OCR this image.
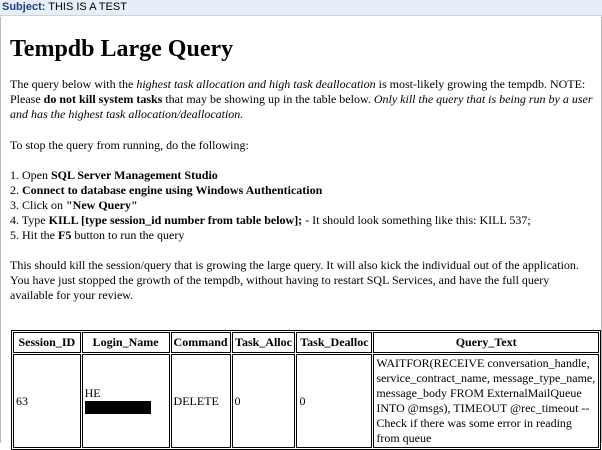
Subject: THIS IS A TEST
Tempdb Large Query

The query below with the highest task allocation and high task deallocation is most-likely growing the tempdb. NOTE: Please do not kill system tasks that may be showing up in the table below. Only kill the query that is being run by a user and has the highest task allocation/deallocation.

To stop the query from running, do the following:

1. Open SQL Server Management Studio
2. Connect to database engine using Windows Authentication
3. Click on "New Query"
4. Type KILL [type session_id number from table below]; - It should look something like this: KILL 537;
5. Hit the F5 button to run the query

This should kill the session/query that is growing the large query. It will also kick the individual out of the application.
You have just stopped the growth of the tempdb, without having to restart SQL Services, and have the full query available for your review.

Session_ID	Login_Name	Command	Task_Alloc	Task_Dealloc	Query_Text
63	HE	DELETE	0	0	WAITFOR(RECEIVE conversation_handle, service_contract_name, message_type_name, message_body FROM ExternalMailQueue INTO @msgs), TIMEOUT @rec_timeout -- Check if there was some error in reading from queue
